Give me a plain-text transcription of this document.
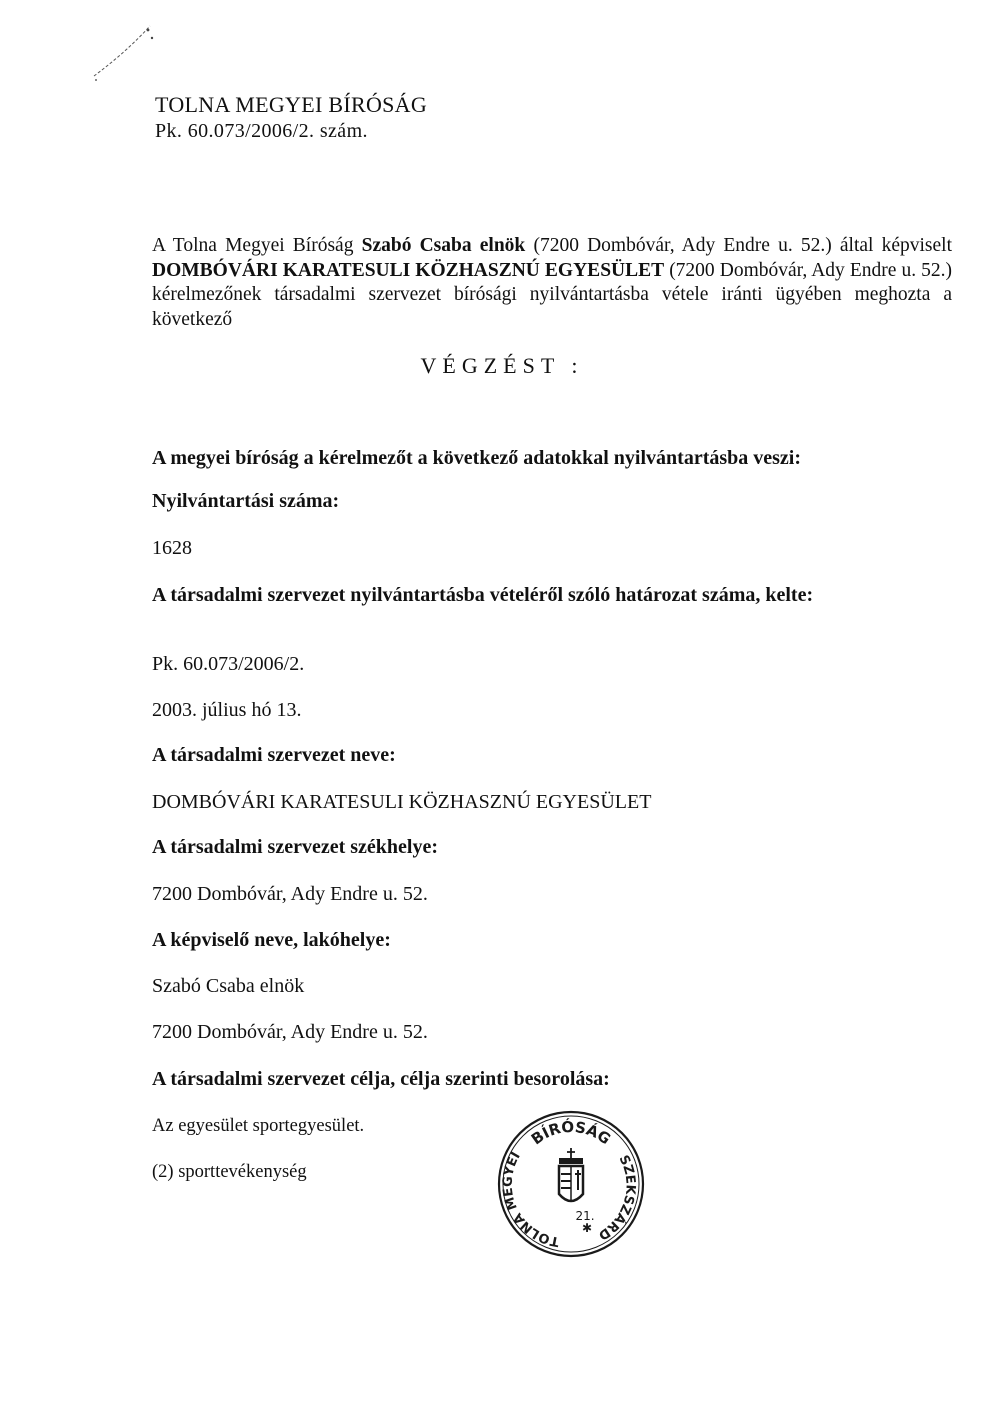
TOLNA MEGYEI BÍRÓSÁG
Pk. 60.073/2006/2. szám.
A Tolna Megyei Bíróság Szabó Csaba elnök (7200 Dombóvár, Ady Endre u. 52.) által képviselt DOMBÓVÁRI KARATESULI KÖZHASZNÚ EGYESÜLET (7200 Dombóvár, Ady Endre u. 52.) kérelmezőnek társadalmi szervezet bírósági nyilvántartásba vétele iránti ügyében meghozta a következő
VÉGZÉST :
A megyei bíróság a kérelmezőt a következő adatokkal nyilvántartásba veszi:
Nyilvántartási száma:
1628
A társadalmi szervezet nyilvántartásba vételéről szóló határozat száma, kelte:
Pk. 60.073/2006/2.
2003. július hó 13.
A társadalmi szervezet neve:
DOMBÓVÁRI KARATESULI KÖZHASZNÚ EGYESÜLET
A társadalmi szervezet székhelye:
7200 Dombóvár, Ady Endre u. 52.
A képviselő neve, lakóhelye:
Szabó Csaba elnök
7200 Dombóvár, Ady Endre u. 52.
A társadalmi szervezet célja, célja szerinti besorolása:
Az egyesület sportegyesület.
(2) sporttevékenység
BÍRÓSÁG
TOLNA MEGYEI	SZEKSZÁRD
21.
✱
